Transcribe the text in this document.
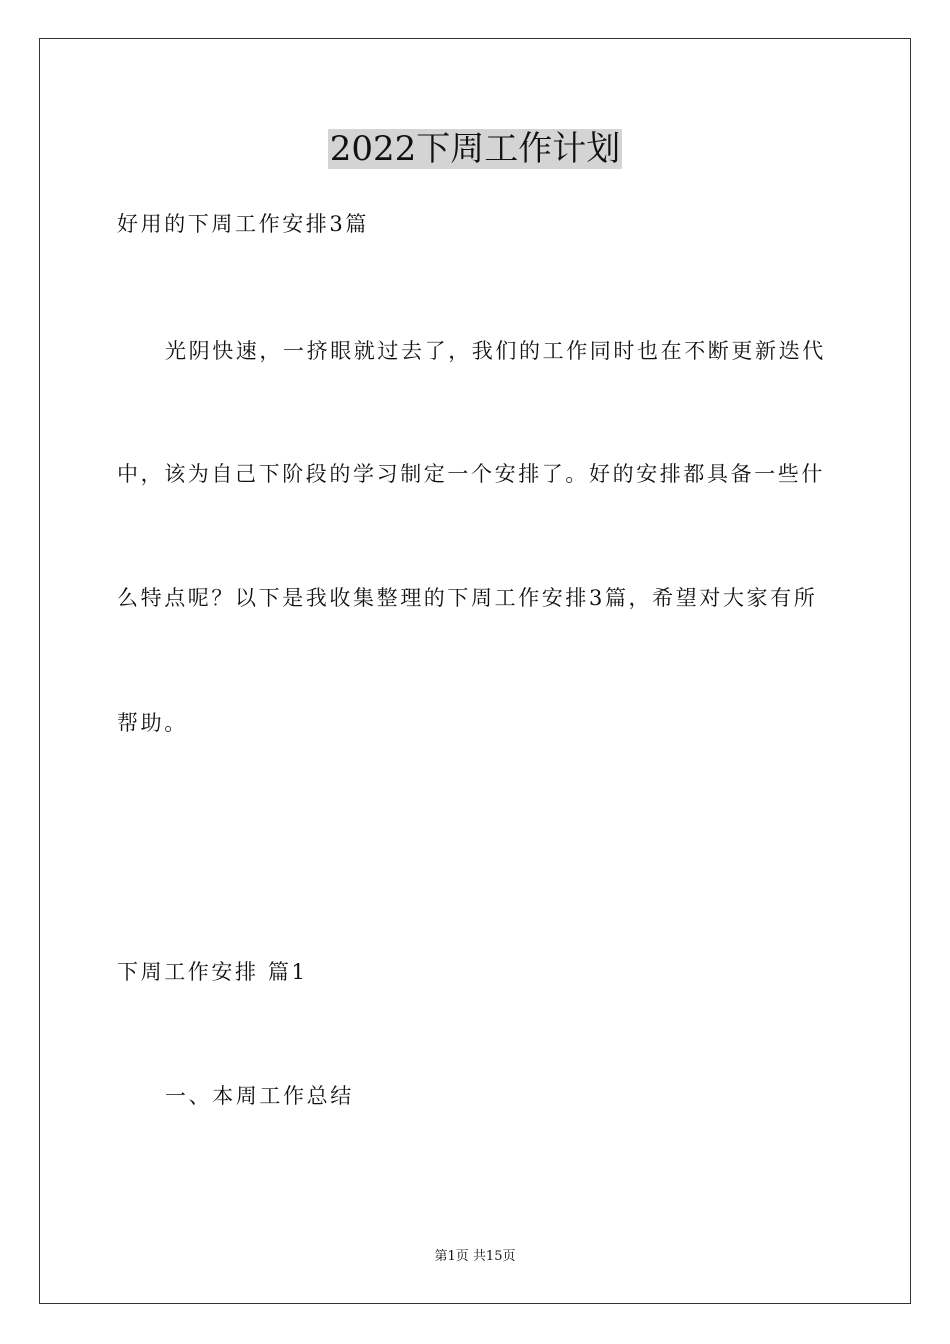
2022下周工作计划
好用的下周工作安排3篇
光阴快速，一挤眼就过去了，我们的工作同时也在不断更新迭代
中，该为自己下阶段的学习制定一个安排了。好的安排都具备一些什
么特点呢？以下是我收集整理的下周工作安排3篇，希望对大家有所
帮助。
下周工作安排 篇1
一、本周工作总结
第1页 共15页
